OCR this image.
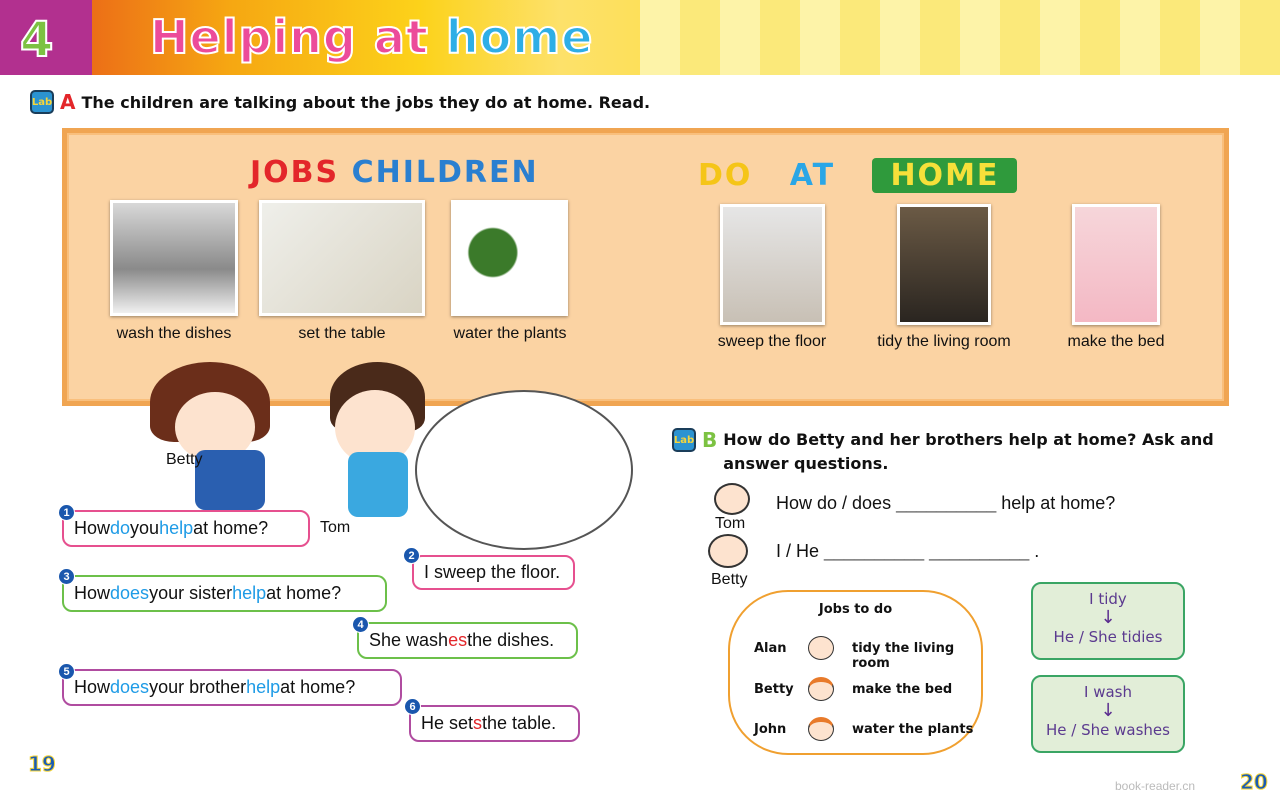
4 Helping at home
Lab A The children are talking about the jobs they do at home. Read.
JOBS CHILDREN	DO AT HOME
wash the dishes	set the table	water the plants	sweep the floor	tidy the living room	make the bed
Betty
Tom
How do you help at home?
1
I sweep the floor.
2
How does your sister help at home?
3
She wash es the dishes.
4
How does your brother help at home?
5
He set s the table.
6
Lab B How do Betty and her brothers help at home? Ask and answer questions.
Tom
How do / does __________ help at home?
Betty
I / He __________ __________ .
Jobs to do
Alan	tidy the living room
Betty	make the bed
John	water the plants
I tidy
↓
He / She tidies
I wash
↓
He / She washes
19
20
book-reader.cn
